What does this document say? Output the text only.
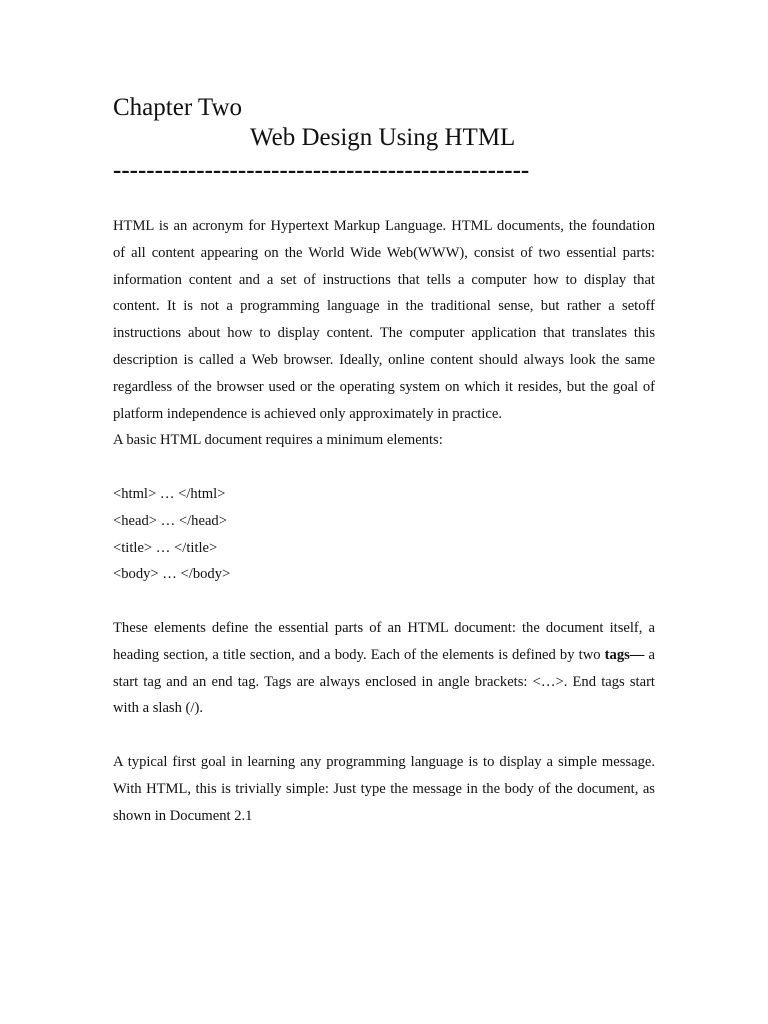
Chapter Two
Web Design Using HTML
--------------------------------------------------
HTML is an acronym for Hypertext Markup Language. HTML documents, the foundation of all content appearing on the World Wide Web(WWW), consist of two essential parts: information content and a set of instructions that tells a computer how to display that content. It is not a programming language in the traditional sense, but rather a setoff instructions about how to display content. The computer application that translates this description is called a Web browser. Ideally, online content should always look the same regardless of the browser used or the operating system on which it resides, but the goal of platform independence is achieved only approximately in practice.
A basic HTML document requires a minimum elements:
<html> … </html>
<head> … </head>
<title> … </title>
<body> … </body>
These elements define the essential parts of an HTML document: the document itself, a heading section, a title section, and a body. Each of the elements is defined by two tags— a start tag and an end tag. Tags are always enclosed in angle brackets: <…>. End tags start with a slash (/).
A typical first goal in learning any programming language is to display a simple message. With HTML, this is trivially simple: Just type the message in the body of the document, as shown in Document 2.1
